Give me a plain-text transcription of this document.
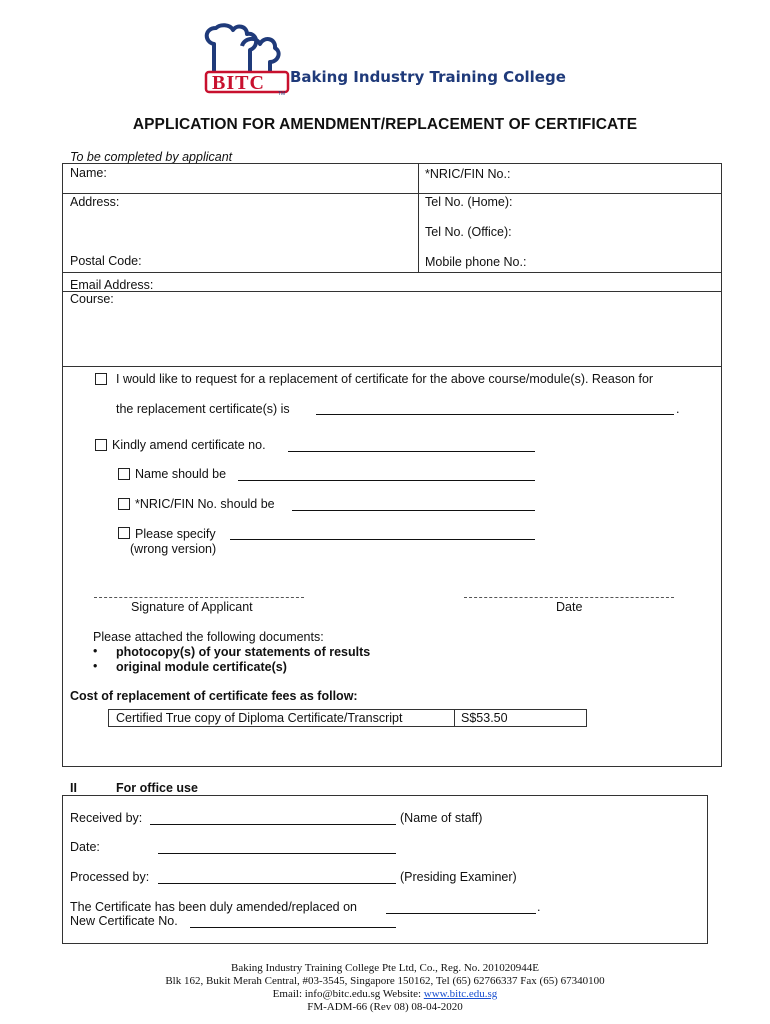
BITC	TM
Baking Industry Training College
APPLICATION FOR AMENDMENT/REPLACEMENT OF CERTIFICATE
To be completed by applicant
Name:	*NRIC/FIN No.:
Address:	Tel No. (Home):
Tel No. (Office):
Postal Code:	Mobile phone No.:
Email Address:
Course:
I would like to request for a replacement of certificate for the above course/module(s). Reason for
the replacement certificate(s) is	.
Kindly amend certificate no.
Name should be
*NRIC/FIN No. should be
Please specify
(wrong version)
Signature of Applicant	Date
Please attached the following documents:
• photocopy(s) of your statements of results
• original module certificate(s)
Cost of replacement of certificate fees as follow:
Certified True copy of Diploma Certificate/Transcript	S$53.50
II	For office use
Received by:	(Name of staff)
Date:
Processed by:	(Presiding Examiner)
The Certificate has been duly amended/replaced on	.
New Certificate No.
Baking Industry Training College Pte Ltd, Co., Reg. No. 201020944E
Blk 162, Bukit Merah Central, #03-3545, Singapore 150162, Tel (65) 62766337 Fax (65) 67340100
Email: info@bitc.edu.sg Website: www.bitc.edu.sg
FM-ADM-66 (Rev 08) 08-04-2020
